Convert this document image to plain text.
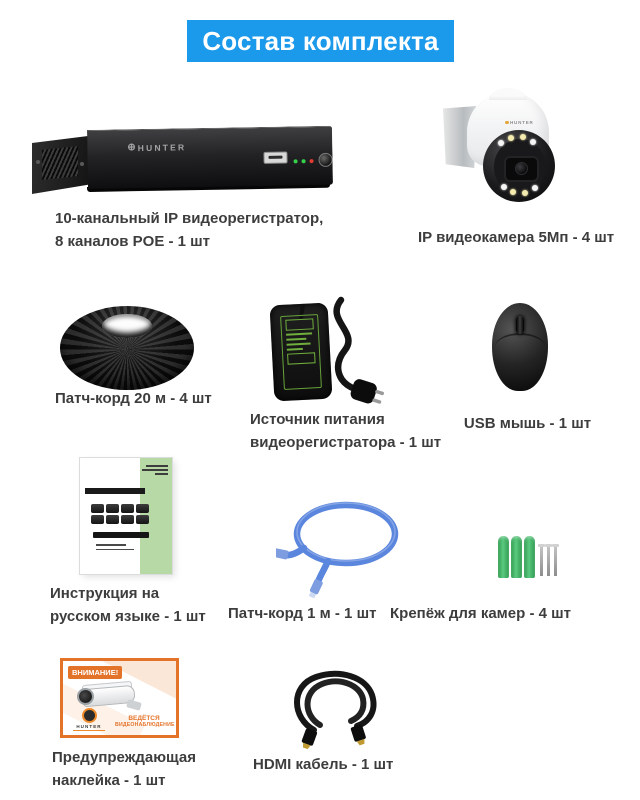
Состав комплекта
⊕ HUNTER
10-канальный IP видеорегистратор,
8 каналов POE - 1 шт
HUNTER
IP видеокамера 5Мп - 4 шт
Патч-корд 20 м - 4 шт
Источник питания
видеорегистратора - 1 шт
USB мышь - 1 шт
Инструкция на
русском языке - 1 шт Патч-корд 1 м - 1 шт Крепёж для камер - 4 шт
ВНИМАНИЕ!
HUNTER
ВЕДЁТСЯ
ВИДЕОНАБЛЮДЕНИЕ
Предупреждающая
наклейка - 1 шт
HDMI кабель - 1 шт
